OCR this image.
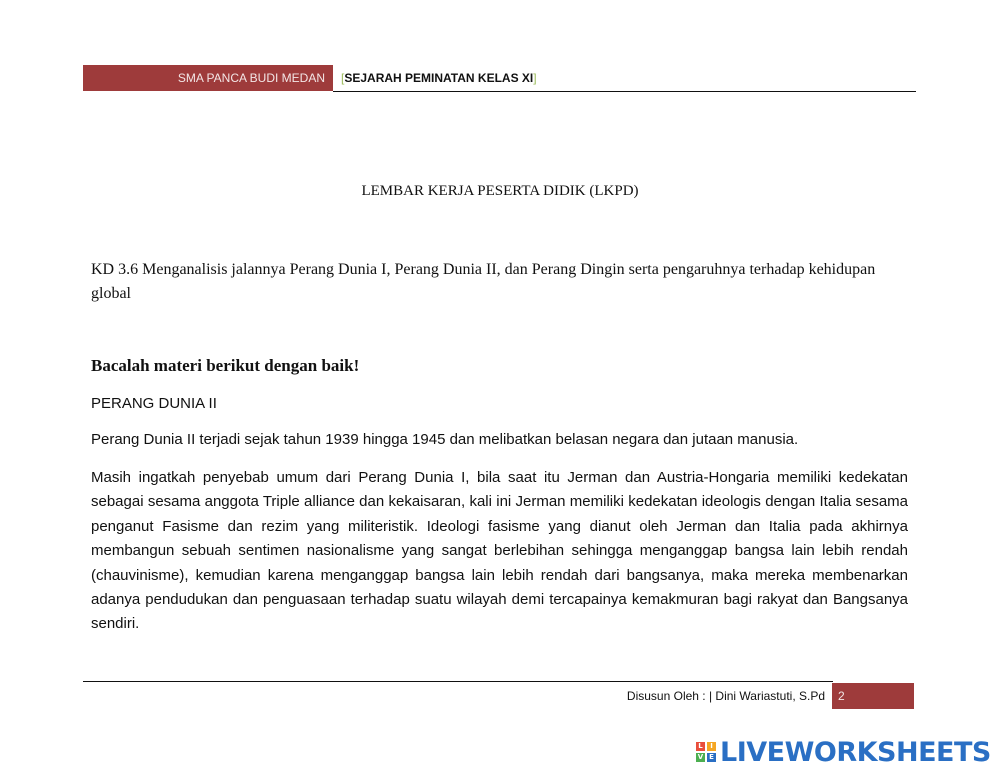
SMA PANCA BUDI MEDAN [SEJARAH PEMINATAN KELAS XI]
LEMBAR KERJA PESERTA DIDIK (LKPD)
KD 3.6 Menganalisis jalannya Perang Dunia I, Perang Dunia II, dan Perang Dingin serta pengaruhnya terhadap kehidupan global
Bacalah materi berikut dengan baik!
PERANG DUNIA II
Perang Dunia II terjadi sejak tahun 1939 hingga 1945 dan melibatkan belasan negara dan jutaan manusia.
Masih ingatkah penyebab umum dari Perang Dunia I, bila saat itu Jerman dan Austria-Hongaria memiliki kedekatan sebagai sesama anggota Triple alliance dan kekaisaran, kali ini Jerman memiliki kedekatan ideologis dengan Italia sesama penganut Fasisme dan rezim yang militeristik. Ideologi fasisme yang dianut oleh Jerman dan Italia pada akhirnya membangun sebuah sentimen nasionalisme yang sangat berlebihan sehingga menganggap bangsa lain lebih rendah (chauvinisme), kemudian karena menganggap bangsa lain lebih rendah dari bangsanya, maka mereka membenarkan adanya pendudukan dan penguasaan terhadap suatu wilayah demi tercapainya kemakmuran bagi rakyat dan Bangsanya sendiri.
Disusun Oleh : | Dini Wariastuti, S.Pd	2
L	I
V E LIVEWORKSHEETS
